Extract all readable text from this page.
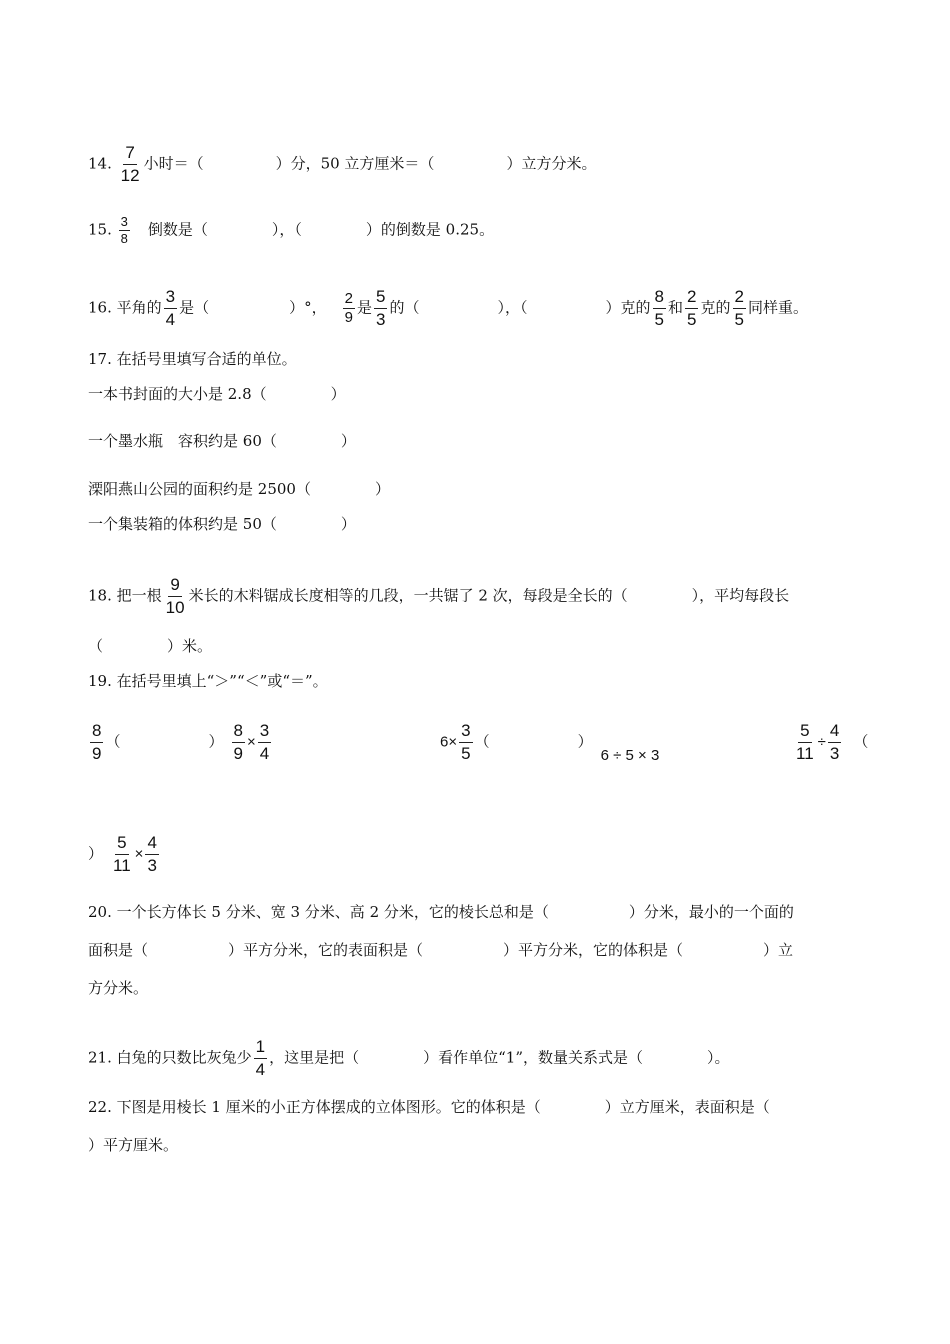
14. $\frac{7}{12}$ 小时＝（	）分，50 立方厘米＝（	）立方分米。
15. $\frac{3}{8}$ 倒数是（	），（	）的倒数是 0.25。
16. 平角的 $\frac{3}{4}$ 是（	）°， $\frac{2}{9}$ 是 $\frac{5}{3}$ 的（	），（	）克的 $\frac{8}{5}$ 和 $\frac{2}{5}$ 克的 $\frac{2}{5}$ 同样重。
17. 在括号里填写合适的单位。
一本书封面的大小是 2.8（	）
一个墨水瓶　容积约是 60（	）
溧阳燕山公园的面积约是 2500（	）
一个集装箱的体积约是 50（	）
18. 把一根 $\frac{9}{10}$ 米长的木料锯成长度相等的几段，一共锯了 2 次，每段是全长的（	），平均每段长
（	）米。
19. 在括号里填上“＞”“＜”或“＝”。
$\frac{8}{9}$ （	） $\frac{8}{9} \times \frac{3}{4}$	$6\times \frac{3}{5}$ （	）6 ÷ 5 × 3	$\frac{5}{11} \div \frac{4}{3}$ （
） $\frac{5}{11} \times \frac{4}{3}$
20. 一个长方体长 5 分米、宽 3 分米、高 2 分米，它的棱长总和是（	）分米，最小的一个面的
面积是（	）平方分米，它的表面积是（	）平方分米，它的体积是（	）立
方分米。
21. 白兔的只数比灰兔少 $\frac{1}{4}$ ，这里是把（	）看作单位“1”，数量关系式是（	）。
22. 下图是用棱长 1 厘米的小正方体摆成的立体图形。它的体积是（	）立方厘米，表面积是（
）平方厘米。
